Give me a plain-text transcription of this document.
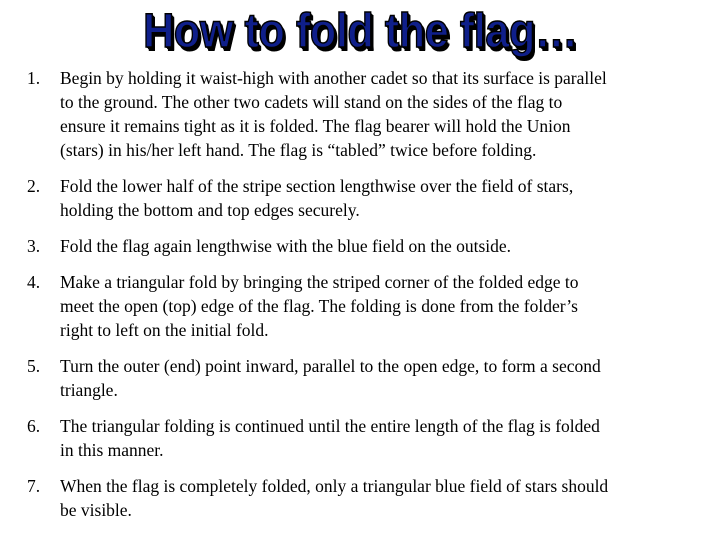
How to fold the flag…
1. Begin by holding it waist-high with another cadet so that its surface is parallel
to the ground. The other two cadets will stand on the sides of the flag to
ensure it remains tight as it is folded. The flag bearer will hold the Union
(stars) in his/her left hand. The flag is “tabled” twice before folding.
2. Fold the lower half of the stripe section lengthwise over the field of stars,
holding the bottom and top edges securely.
3. Fold the flag again lengthwise with the blue field on the outside.
4. Make a triangular fold by bringing the striped corner of the folded edge to
meet the open (top) edge of the flag. The folding is done from the folder’s
right to left on the initial fold.
5. Turn the outer (end) point inward, parallel to the open edge, to form a second
triangle.
6. The triangular folding is continued until the entire length of the flag is folded
in this manner.
7. When the flag is completely folded, only a triangular blue field of stars should
be visible.
